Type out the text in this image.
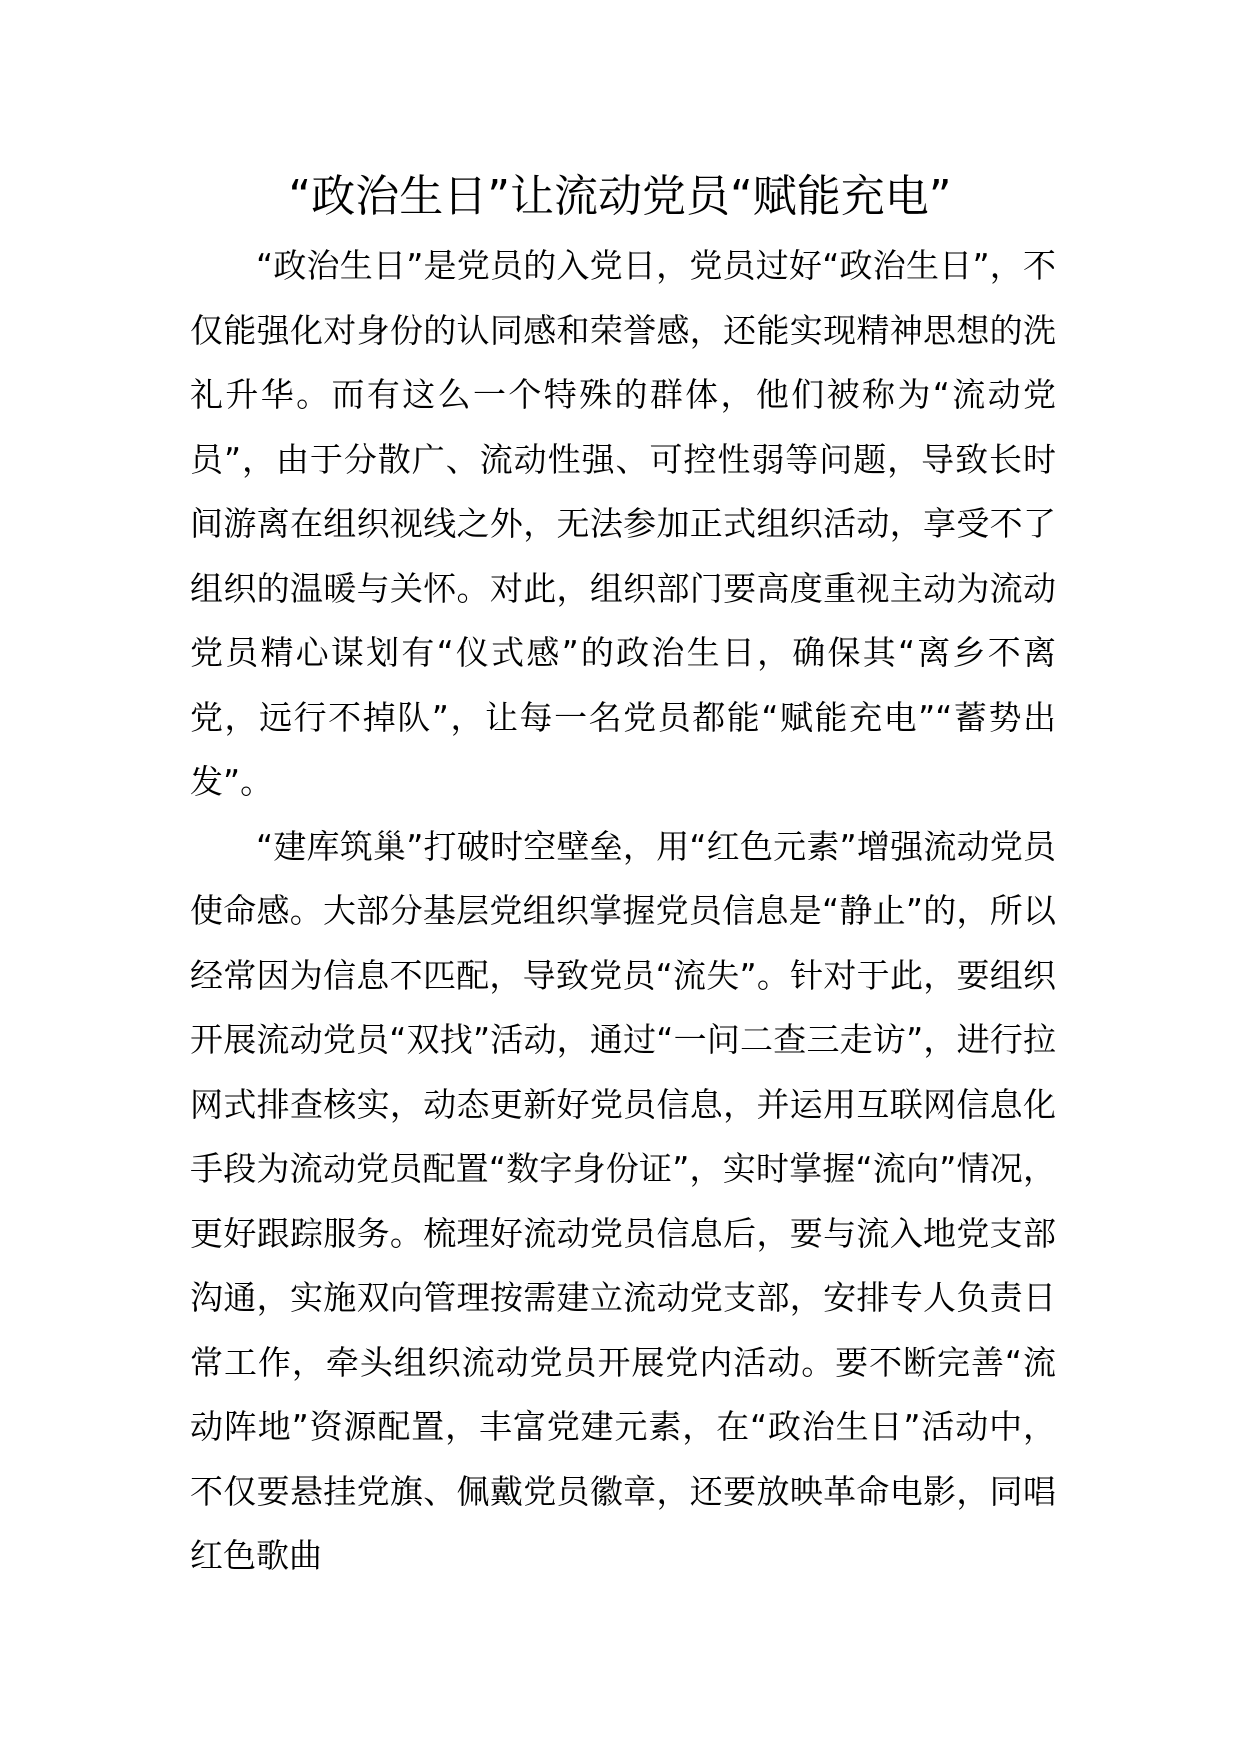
“政治生日”让流动党员“赋能充电”

“政治生日”是党员的入党日，党员过好“政治生日”，不仅能强化对身份的认同感和荣誉感，还能实现精神思想的洗礼升华。而有这么一个特殊的群体，他们被称为“流动党员”，由于分散广、流动性强、可控性弱等问题，导致长时间游离在组织视线之外，无法参加正式组织活动，享受不了组织的温暖与关怀。对此，组织部门要高度重视主动为流动党员精心谋划有“仪式感”的政治生日，确保其“离乡不离党，远行不掉队”，让每一名党员都能“赋能充电”“蓄势出发”。

“建库筑巢”打破时空壁垒，用“红色元素”增强流动党员使命感。大部分基层党组织掌握党员信息是“静止”的，所以经常因为信息不匹配，导致党员“流失”。针对于此，要组织开展流动党员“双找”活动，通过“一问二查三走访”，进行拉网式排查核实，动态更新好党员信息，并运用互联网信息化手段为流动党员配置“数字身份证”，实时掌握“流向”情况，更好跟踪服务。梳理好流动党员信息后，要与流入地党支部沟通，实施双向管理按需建立流动党支部，安排专人负责日常工作，牵头组织流动党员开展党内活动。要不断完善“流动阵地”资源配置，丰富党建元素，在“政治生日”活动中，不仅要悬挂党旗、佩戴党员徽章，还要放映革命电影，同唱红色歌曲
